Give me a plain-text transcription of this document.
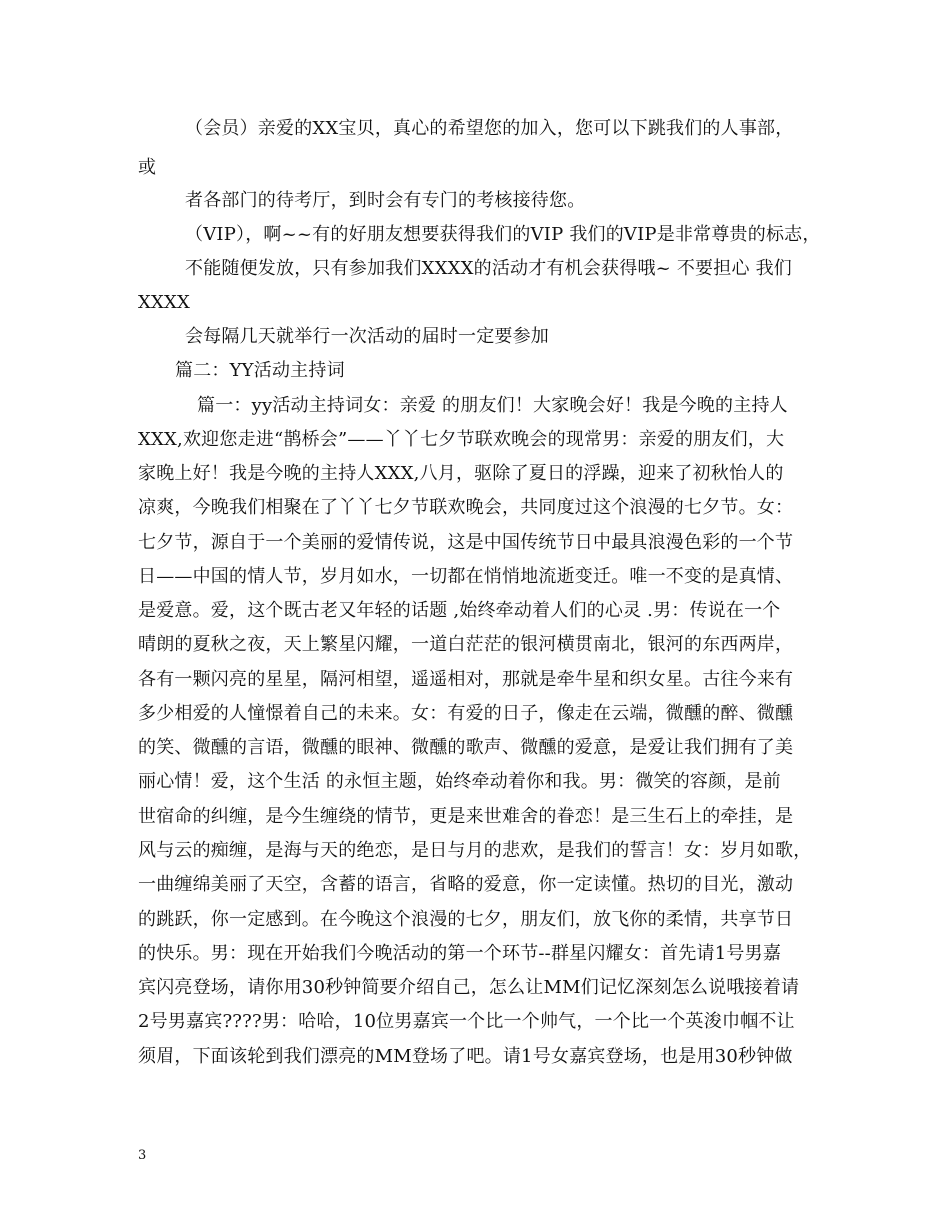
（会员）亲爱的XX宝贝，真心的希望您的加入，您可以下跳我们的人事部，
或
者各部门的待考厅，到时会有专门的考核接待您。
（VIP），啊~~有的好朋友想要获得我们的VIP 我们的VIP是非常尊贵的标志，
不能随便发放，只有参加我们XXXX的活动才有机会获得哦~ 不要担心 我们
XXXX
会每隔几天就举行一次活动的届时一定要参加
篇二：YY活动主持词
篇一：yy活动主持词女：亲爱 的朋友们！大家晚会好！我是今晚的主持人
XXX,欢迎您走进“鹊桥会”——丫丫七夕节联欢晚会的现常男：亲爱的朋友们，大
家晚上好！我是今晚的主持人XXX,八月，驱除了夏日的浮躁，迎来了初秋怡人的
凉爽，今晚我们相聚在了丫丫七夕节联欢晚会，共同度过这个浪漫的七夕节。女：
七夕节，源自于一个美丽的爱情传说，这是中国传统节日中最具浪漫色彩的一个节
日——中国的情人节，岁月如水，一切都在悄悄地流逝变迁。唯一不变的是真情、
是爱意。爱，这个既古老又年轻的话题 ,始终牵动着人们的心灵 .男：传说在一个
晴朗的夏秋之夜，天上繁星闪耀，一道白茫茫的银河横贯南北，银河的东西两岸，
各有一颗闪亮的星星，隔河相望，遥遥相对，那就是牵牛星和织女星。古往今来有
多少相爱的人憧憬着自己的未来。女：有爱的日子，像走在云端，微醺的醉、微醺
的笑、微醺的言语，微醺的眼神、微醺的歌声、微醺的爱意，是爱让我们拥有了美
丽心情！爱，这个生活 的永恒主题，始终牵动着你和我。男：微笑的容颜，是前
世宿命的纠缠，是今生缠绕的情节，更是来世难舍的眷恋！是三生石上的牵挂，是
风与云的痴缠，是海与天的绝恋，是日与月的悲欢，是我们的誓言！女：岁月如歌，
一曲缠绵美丽了天空，含蓄的语言，省略的爱意，你一定读懂。热切的目光，激动
的跳跃，你一定感到。在今晚这个浪漫的七夕，朋友们，放飞你的柔情，共享节日
的快乐。男：现在开始我们今晚活动的第一个环节--群星闪耀女：首先请1号男嘉
宾闪亮登场，请你用30秒钟简要介绍自己，怎么让MM们记忆深刻怎么说哦接着请
2号男嘉宾????男：哈哈，10位男嘉宾一个比一个帅气，一个比一个英浚巾帼不让
须眉，下面该轮到我们漂亮的MM登场了吧。请1号女嘉宾登场，也是用30秒钟做
3
